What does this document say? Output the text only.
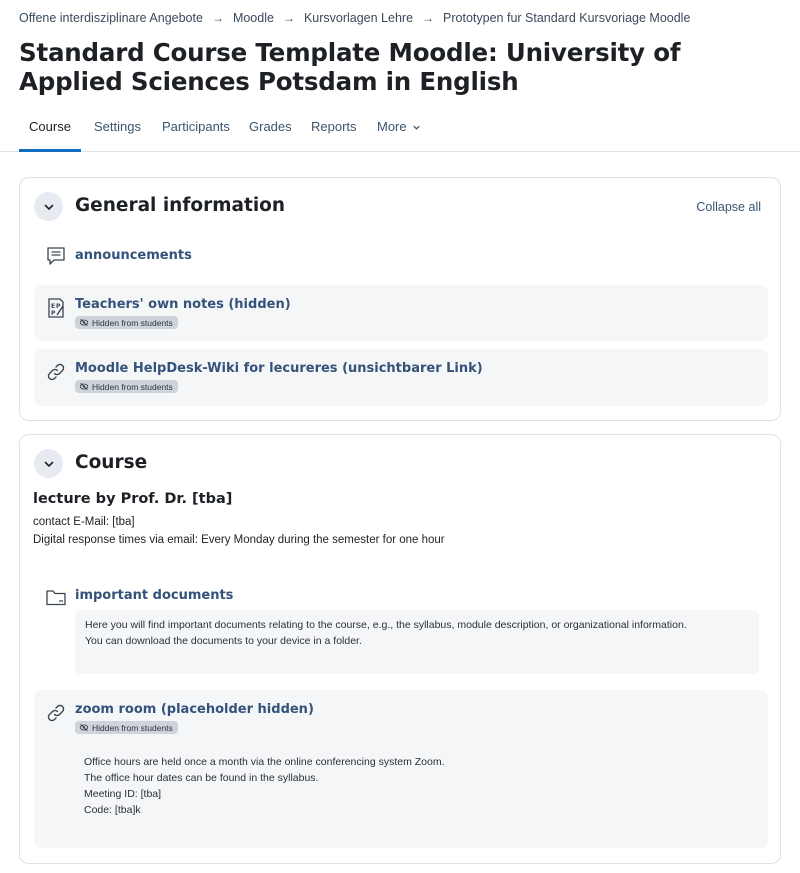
Offene interdisziplinare Angebote → Moodle → Kursvorlagen Lehre → Prototypen fur Standard Kursvoriage Moodle
Standard Course Template Moodle: University of Applied Sciences Potsdam in English
Course	Settings Participants Grades Reports More
General information	Collapse all
announcements
E P
P
Teachers' own notes (hidden)
Hidden from students
Moodle HelpDesk-Wiki for lecureres (unsichtbarer Link)
Hidden from students
Course
lecture by Prof. Dr. [tba]
contact E-Mail: [tba]
Digital response times via email: Every Monday during the semester for one hour
important documents
Here you will find important documents relating to the course, e.g., the syllabus, module description, or organizational information.
You can download the documents to your device in a folder.
zoom room (placeholder hidden)
Hidden from students
Office hours are held once a month via the online conferencing system Zoom.
The office hour dates can be found in the syllabus.
Meeting ID: [tba]
Code: [tba]k
